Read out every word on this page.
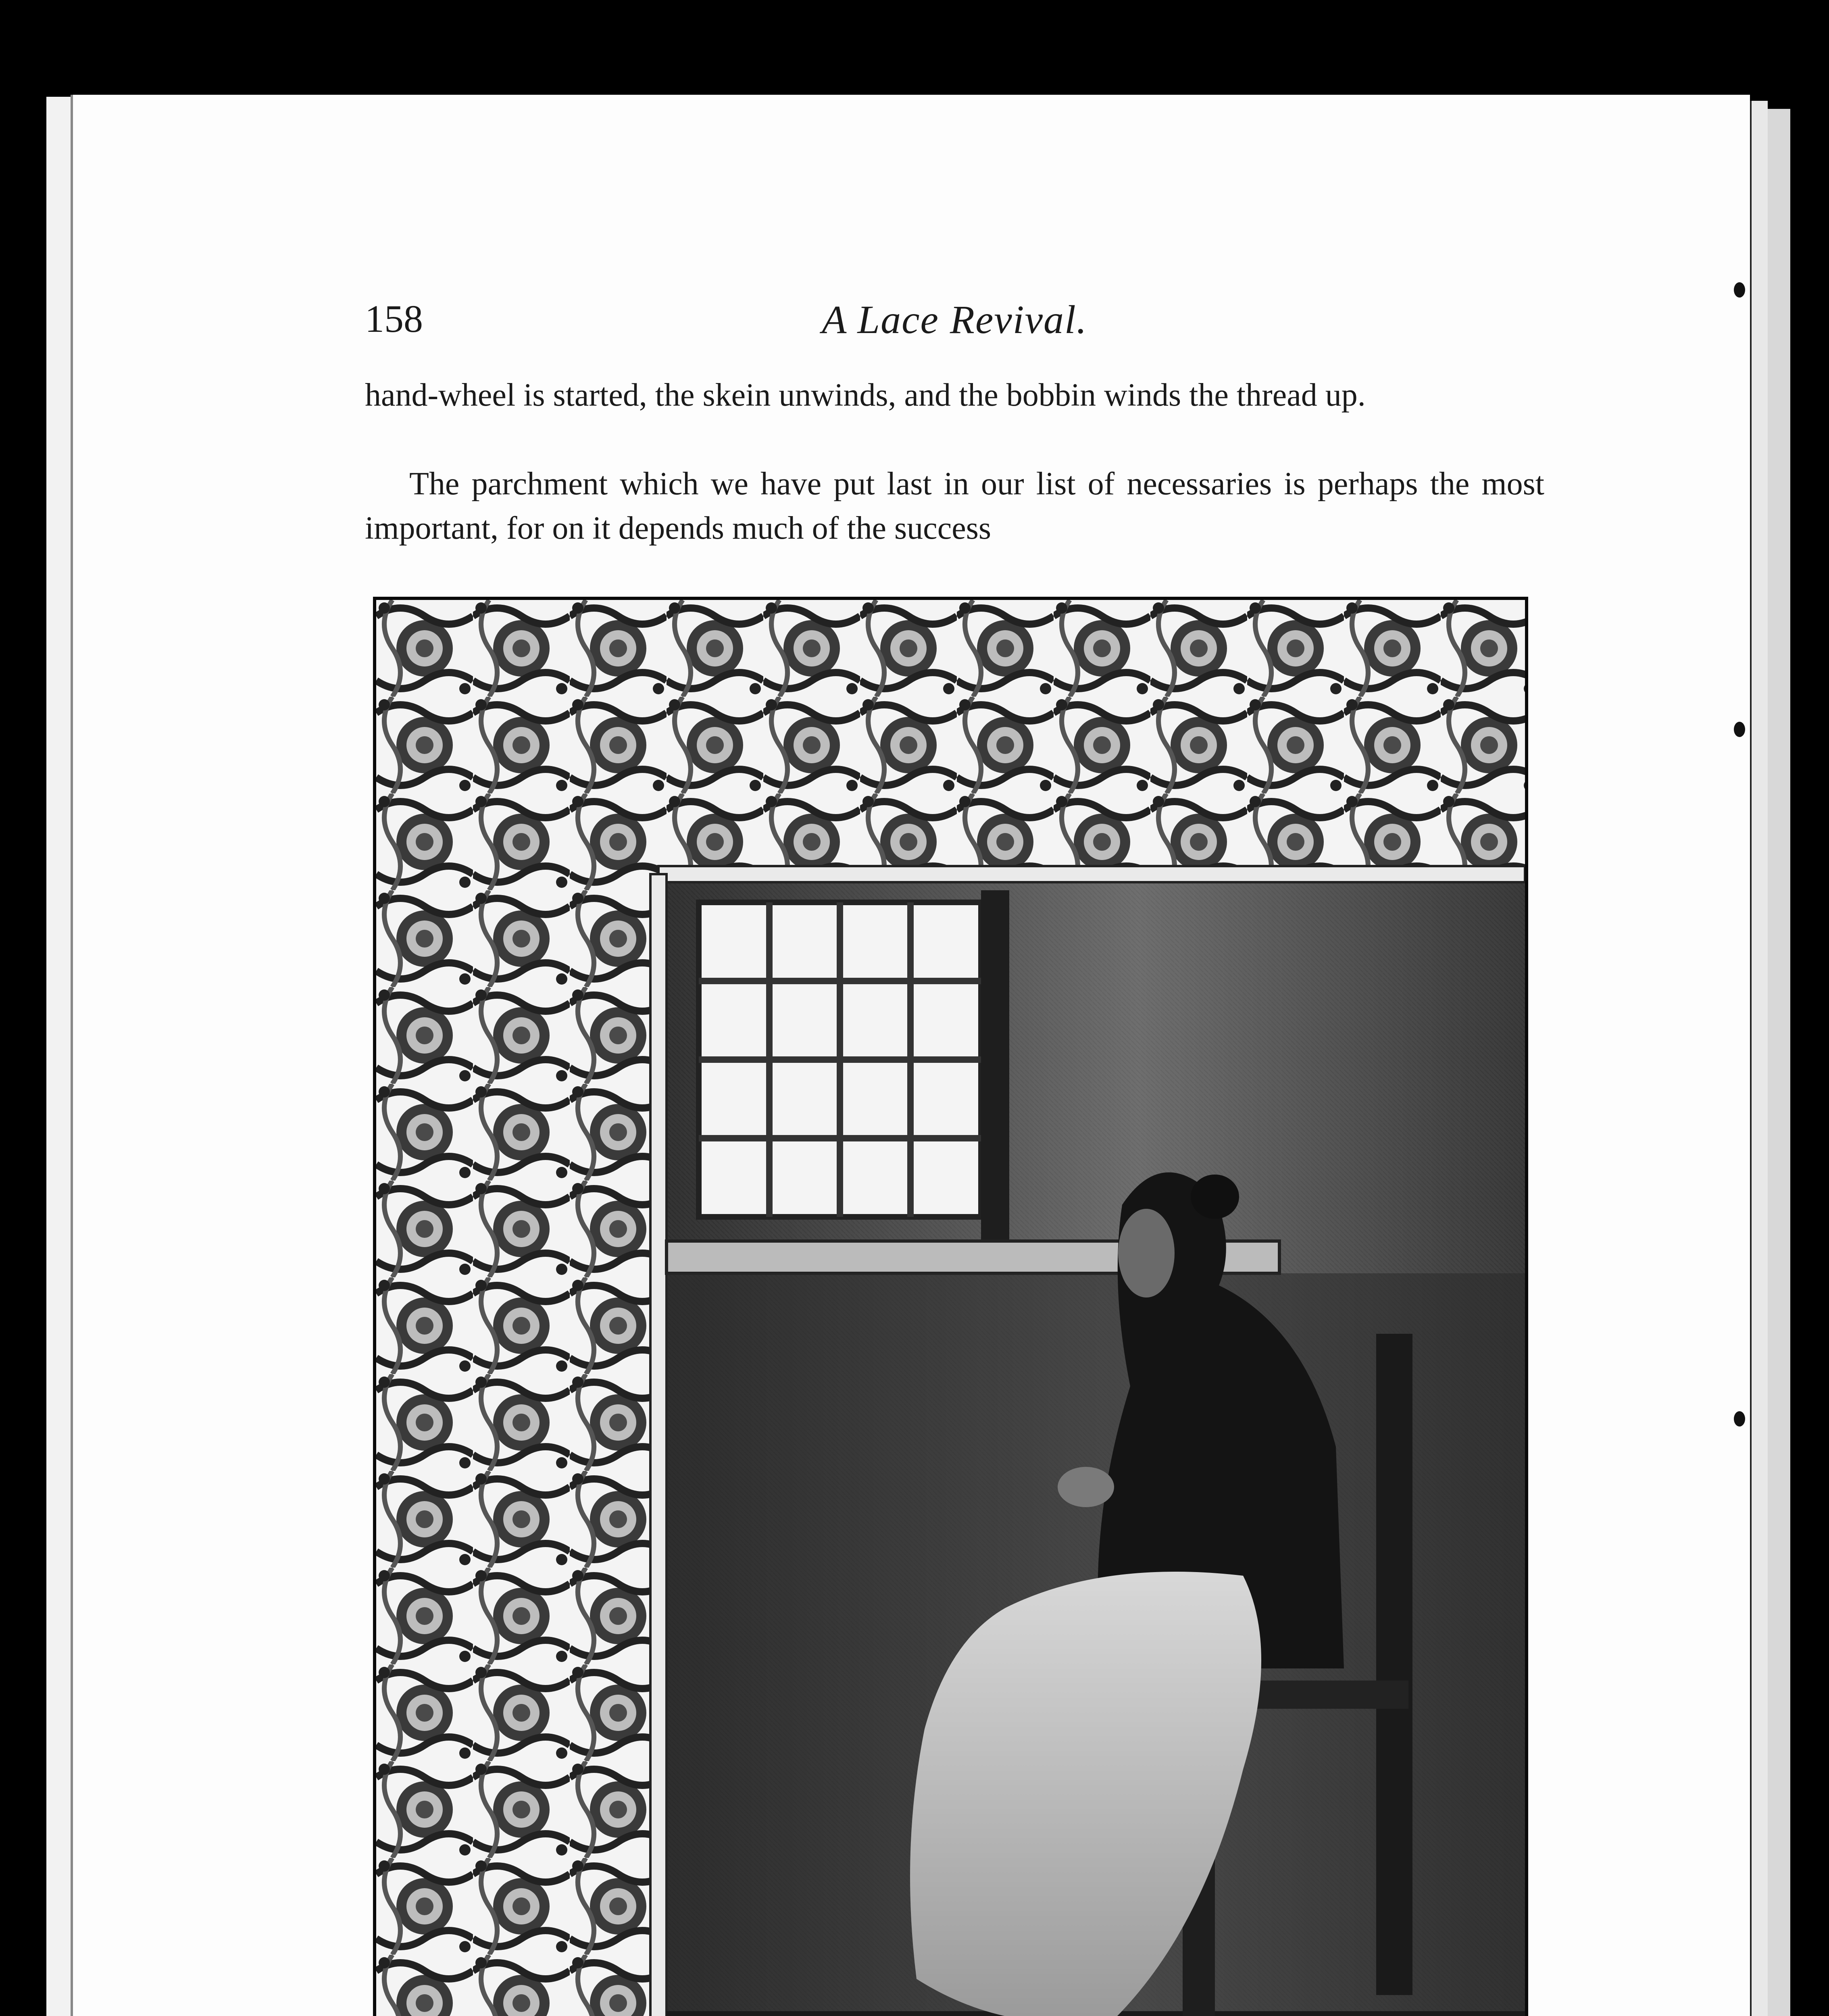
158	A Lace Revival.

hand-wheel is started, the skein unwinds, and the bobbin winds the thread up.

The parchment which we have put last in our list of necessaries is perhaps the most important, for on it depends much of the success
